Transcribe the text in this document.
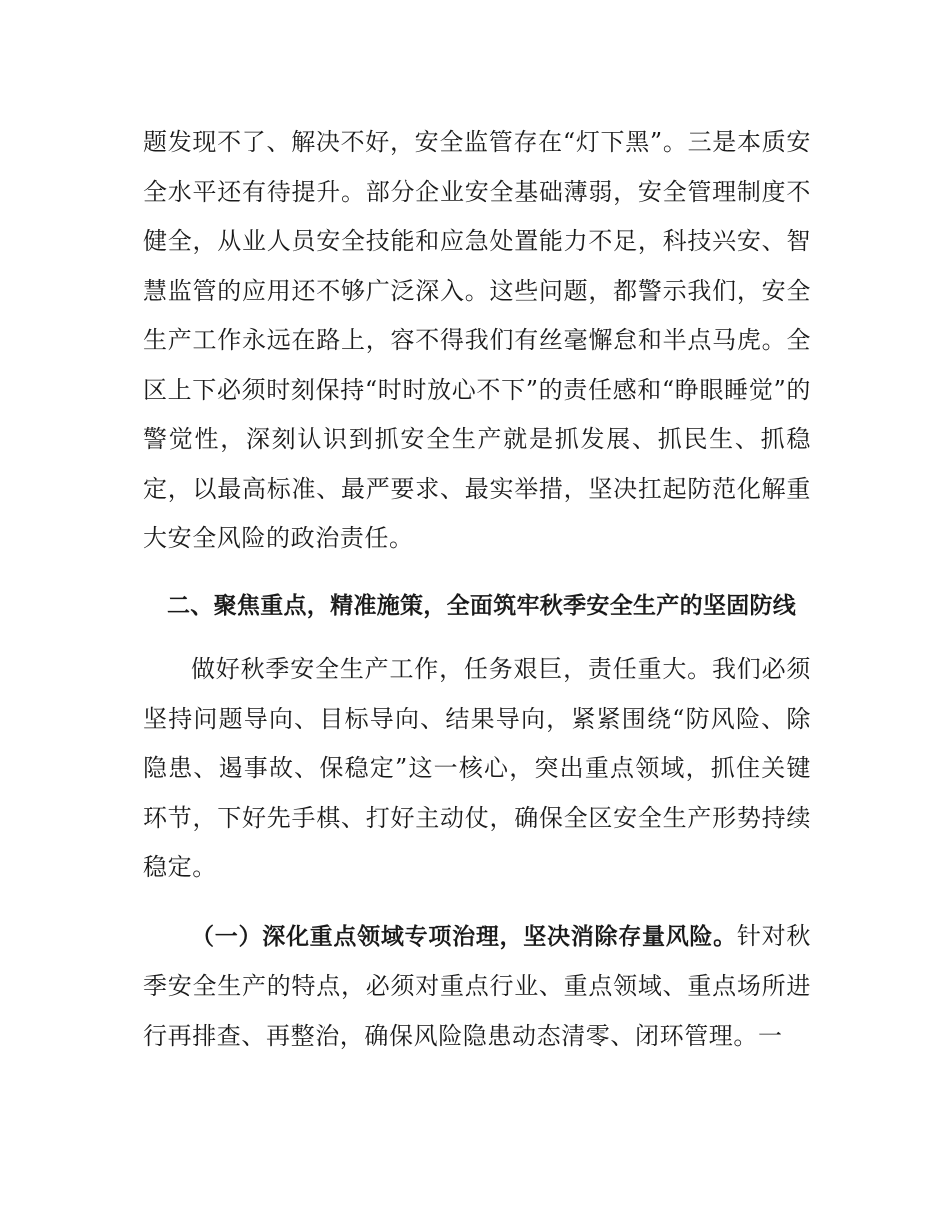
题发现不了、解决不好，安全监管存在“灯下黑”。三是本质安全水平还有待提升。部分企业安全基础薄弱，安全管理制度不健全，从业人员安全技能和应急处置能力不足，科技兴安、智慧监管的应用还不够广泛深入。这些问题，都警示我们，安全生产工作永远在路上，容不得我们有丝毫懈怠和半点马虎。全区上下必须时刻保持“时时放心不下”的责任感和“睁眼睡觉”的警觉性，深刻认识到抓安全生产就是抓发展、抓民生、抓稳定，以最高标准、最严要求、最实举措，坚决扛起防范化解重大安全风险的政治责任。

二、聚焦重点，精准施策，全面筑牢秋季安全生产的坚固防线

做好秋季安全生产工作，任务艰巨，责任重大。我们必须坚持问题导向、目标导向、结果导向，紧紧围绕“防风险、除隐患、遏事故、保稳定”这一核心，突出重点领域，抓住关键环节，下好先手棋、打好主动仗，确保全区安全生产形势持续稳定。

（一）深化重点领域专项治理，坚决消除存量风险。针对秋季安全生产的特点，必须对重点行业、重点领域、重点场所进行再排查、再整治，确保风险隐患动态清零、闭环管理。一
